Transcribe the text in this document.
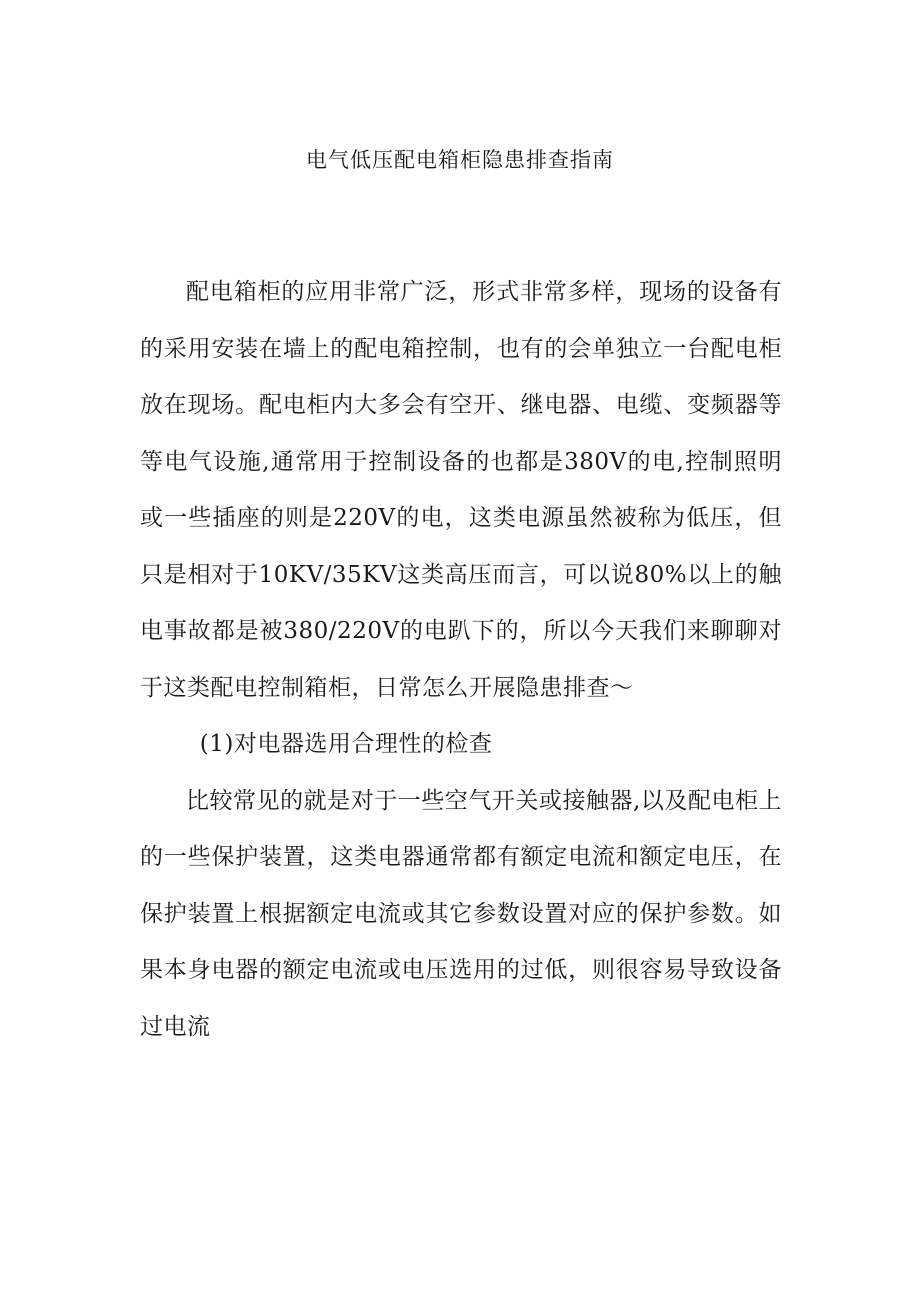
电气低压配电箱柜隐患排查指南

配电箱柜的应用非常广泛，形式非常多样，现场的设备有的采用安装在墙上的配电箱控制，也有的会单独立一台配电柜放在现场。配电柜内大多会有空开、继电器、电缆、变频器等等电气设施,通常用于控制设备的也都是380V的电,控制照明或一些插座的则是220V的电，这类电源虽然被称为低压，但只是相对于10KV/35KV这类高压而言，可以说80%以上的触电事故都是被380/220V的电趴下的，所以今天我们来聊聊对于这类配电控制箱柜，日常怎么开展隐患排查～

(1)对电器选用合理性的检查

比较常见的就是对于一些空气开关或接触器,以及配电柜上的一些保护装置，这类电器通常都有额定电流和额定电压，在保护装置上根据额定电流或其它参数设置对应的保护参数。如果本身电器的额定电流或电压选用的过低，则很容易导致设备过电流
